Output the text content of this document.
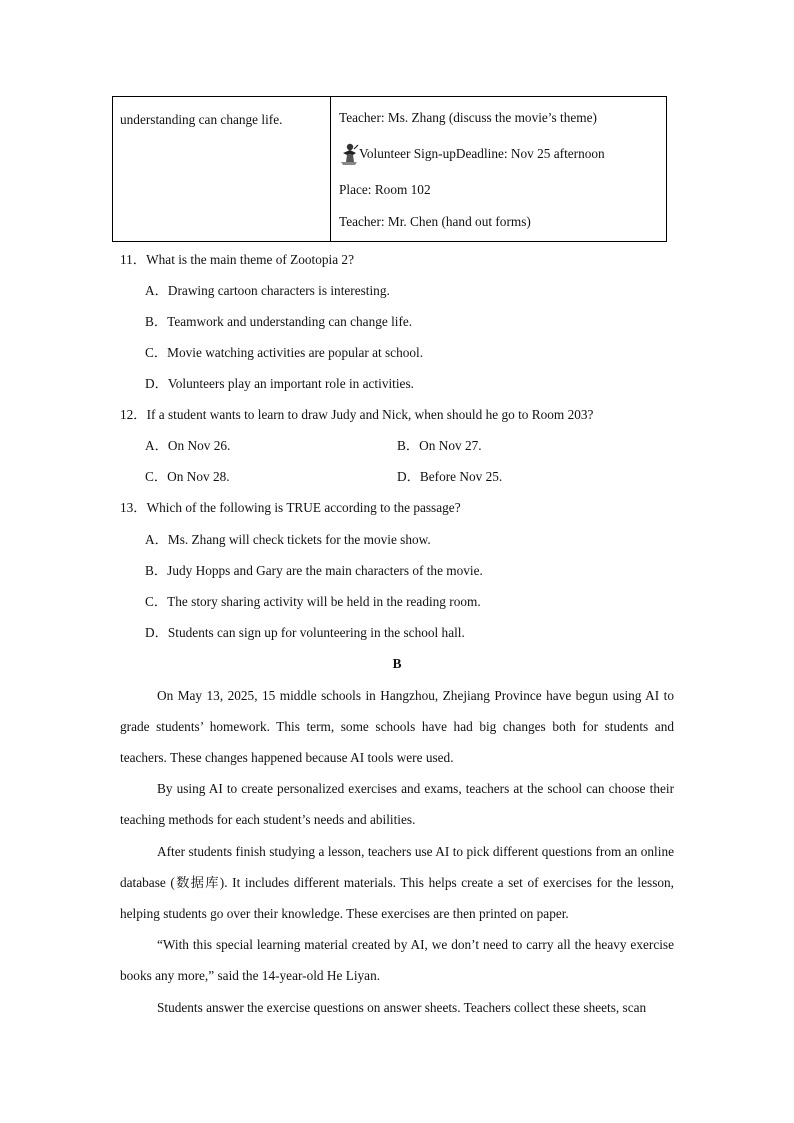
understanding can change life.	Teacher: Ms. Zhang (discuss the movie’s theme)
Volunteer Sign-upDeadline: Nov 25 afternoon
Place: Room 102
Teacher: Mr. Chen (hand out forms)
11．What is the main theme of Zootopia 2?
A．Drawing cartoon characters is interesting.
B．Teamwork and understanding can change life.
C．Movie watching activities are popular at school.
D．Volunteers play an important role in activities.
12．If a student wants to learn to draw Judy and Nick, when should he go to Room 203?
A．On Nov 26.	B．On Nov 27.
C．On Nov 28.	D．Before Nov 25.
13．Which of the following is TRUE according to the passage?
A．Ms. Zhang will check tickets for the movie show.
B．Judy Hopps and Gary are the main characters of the movie.
C．The story sharing activity will be held in the reading room.
D．Students can sign up for volunteering in the school hall.
B

On May 13, 2025, 15 middle schools in Hangzhou, Zhejiang Province have begun using AI to grade students’ homework. This term, some schools have had big changes both for students and teachers. These changes happened because AI tools were used.

By using AI to create personalized exercises and exams, teachers at the school can choose their teaching methods for each student’s needs and abilities.

After students finish studying a lesson, teachers use AI to pick different questions from an online database (数据库). It includes different materials. This helps create a set of exercises for the lesson, helping students go over their knowledge. These exercises are then printed on paper.

“With this special learning material created by AI, we don’t need to carry all the heavy exercise books any more,” said the 14-year-old He Liyan.

Students answer the exercise questions on answer sheets. Teachers collect these sheets, scan
